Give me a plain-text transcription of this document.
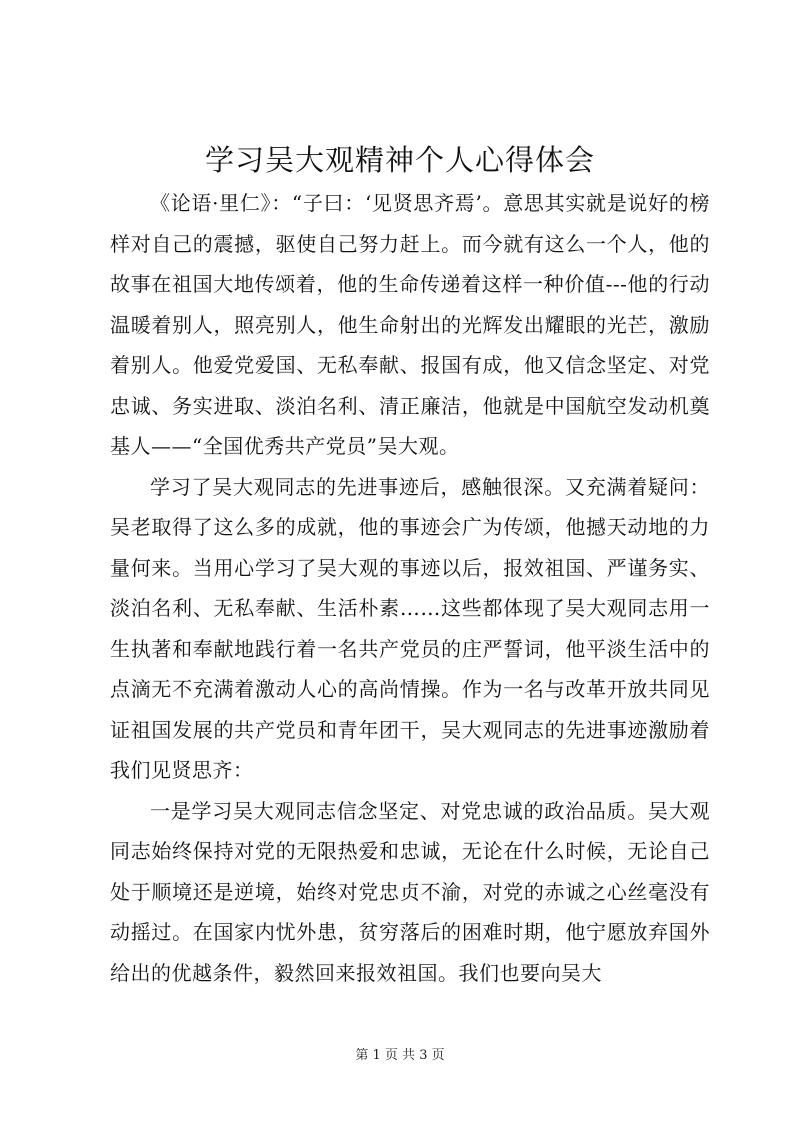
学习吴大观精神个人心得体会

《论语·里仁》：“子曰：‘见贤思齐焉’。意思其实就是说好的榜样对自己的震撼，驱使自己努力赶上。而今就有这么一个人，他的故事在祖国大地传颂着，他的生命传递着这样一种价值---他的行动温暖着别人，照亮别人，他生命射出的光辉发出耀眼的光芒，激励着别人。他爱党爱国、无私奉献、报国有成，他又信念坚定、对党忠诚、务实进取、淡泊名利、清正廉洁，他就是中国航空发动机奠基人——“全国优秀共产党员”吴大观。

学习了吴大观同志的先进事迹后，感触很深。又充满着疑问：吴老取得了这么多的成就，他的事迹会广为传颂，他撼天动地的力量何来。当用心学习了吴大观的事迹以后，报效祖国、严谨务实、淡泊名利、无私奉献、生活朴素……这些都体现了吴大观同志用一生执著和奉献地践行着一名共产党员的庄严誓词，他平淡生活中的点滴无不充满着激动人心的高尚情操。作为一名与改革开放共同见证祖国发展的共产党员和青年团干，吴大观同志的先进事迹激励着我们见贤思齐：

一是学习吴大观同志信念坚定、对党忠诚的政治品质。吴大观同志始终保持对党的无限热爱和忠诚，无论在什么时候，无论自己处于顺境还是逆境，始终对党忠贞不渝，对党的赤诚之心丝毫没有动摇过。在国家内忧外患，贫穷落后的困难时期，他宁愿放弃国外给出的优越条件，毅然回来报效祖国。我们也要向吴大

第 1 页 共 3 页
